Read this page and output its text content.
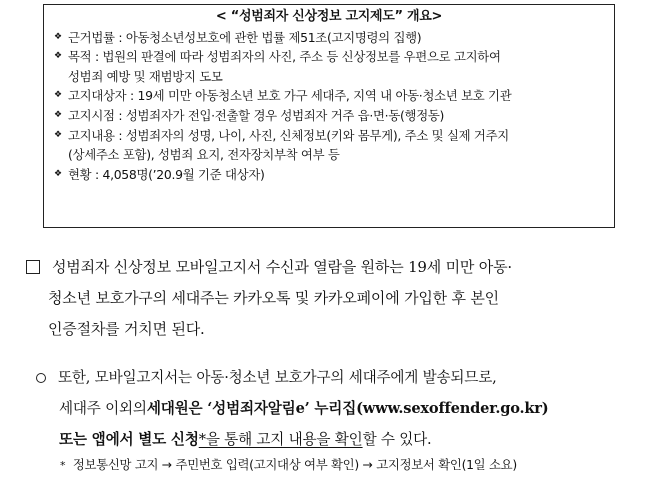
< “성범죄자 신상정보 고지제도” 개요>
❖ 근거법률 : 아동청소년성보호에 관한 법률 제51조(고지명령의 집행)
❖ 목적 : 법원의 판결에 따라 성범죄자의 사진, 주소 등 신상정보를 우편으로 고지하여
성범죄 예방 및 재범방지 도모
❖ 고지대상자 : 19세 미만 아동청소년 보호 가구 세대주, 지역 내 아동·청소년 보호 기관
❖ 고지시점 : 성범죄자가 전입·전출할 경우 성범죄자 거주 읍·면·동(행정동)
❖ 고지내용 : 성범죄자의 성명, 나이, 사진, 신체정보(키와 몸무게), 주소 및 실제 거주지
(상세주소 포함), 성범죄 요지, 전자장치부착 여부 등
❖ 현황 : 4,058명(’20.9월 기준 대상자)
성범죄자 신상정보 모바일고지서 수신과 열람을 원하는 19세 미만 아동·
청소년 보호가구의 세대주는 카카오톡 및 카카오페이에 가입한 후 본인
인증절차를 거치면 된다.
또한, 모바일고지서는 아동·청소년 보호가구의 세대주에게 발송되므로,
세대주 이외의 세대원은 ‘성범죄자알림e’ 누리집(www.sexoffender.go.kr)
또는 앱에서 별도 신청 *을 통해 고지 내용을 확인 할 수 있다.
* 정보통신망 고지 → 주민번호 입력(고지대상 여부 확인) → 고지정보서 확인(1일 소요)
